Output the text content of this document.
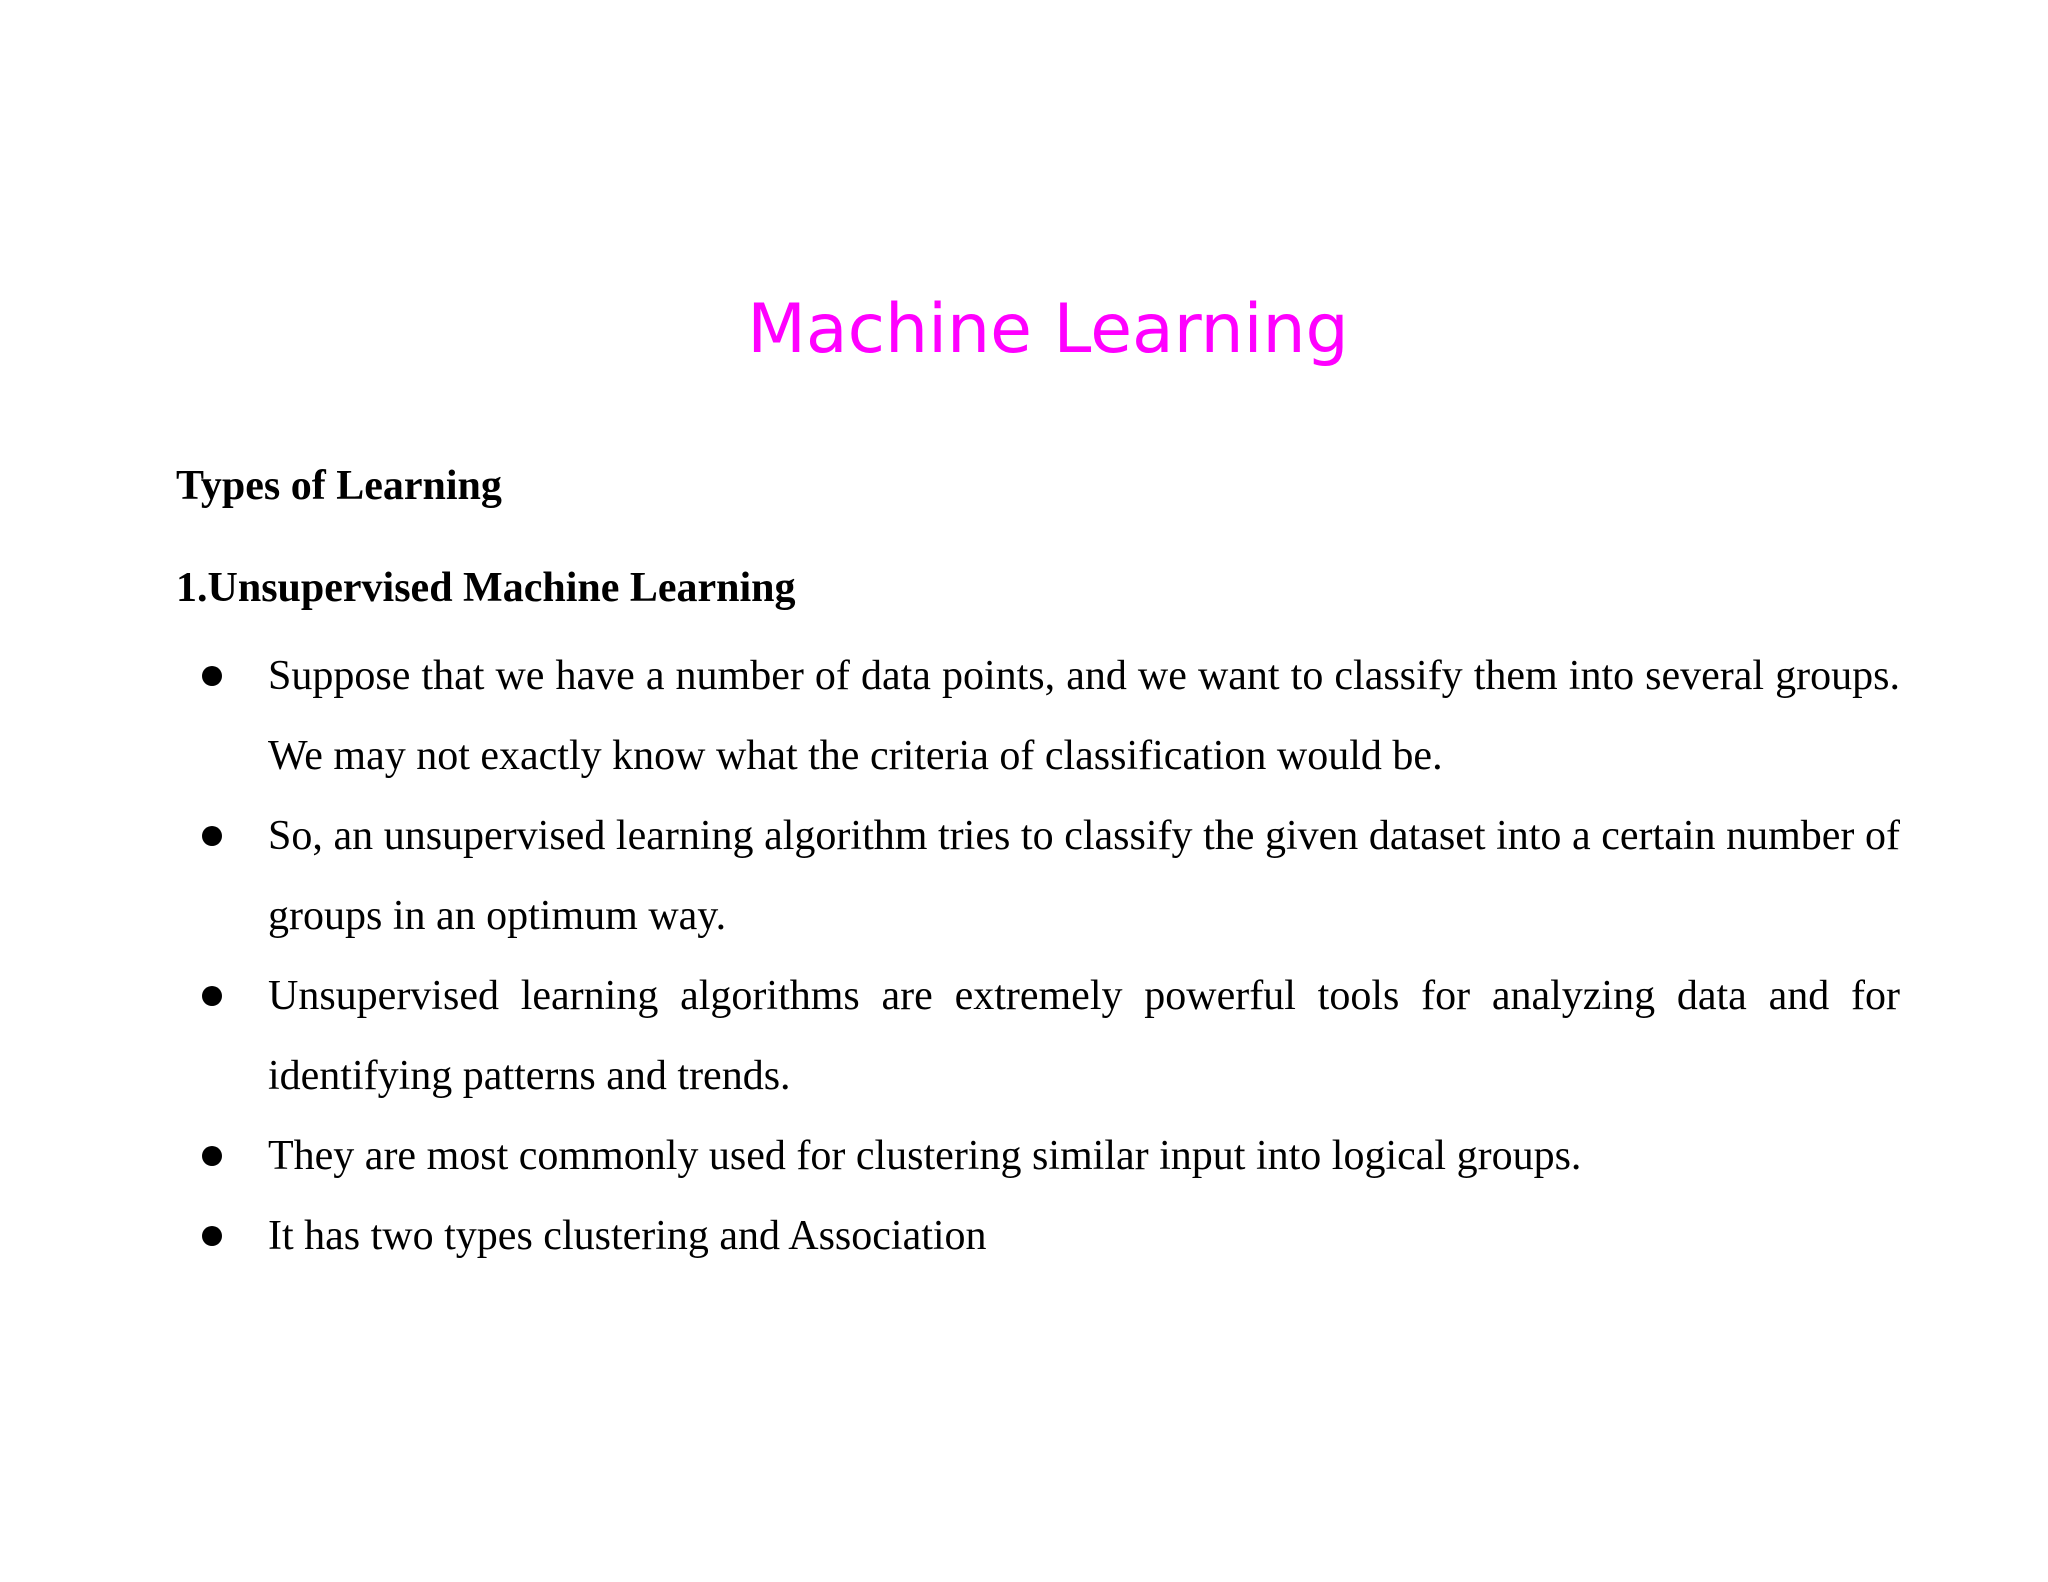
Machine Learning
Types of Learning
1.Unsupervised Machine Learning
Suppose that we have a number of data points, and we want to classify them into several groups. We may not exactly know what the criteria of classification would be.
So, an unsupervised learning algorithm tries to classify the given dataset into a certain number of groups in an optimum way.
Unsupervised learning algorithms are extremely powerful tools for analyzing data and for identifying patterns and trends.
They are most commonly used for clustering similar input into logical groups.
It has two types clustering and Association
